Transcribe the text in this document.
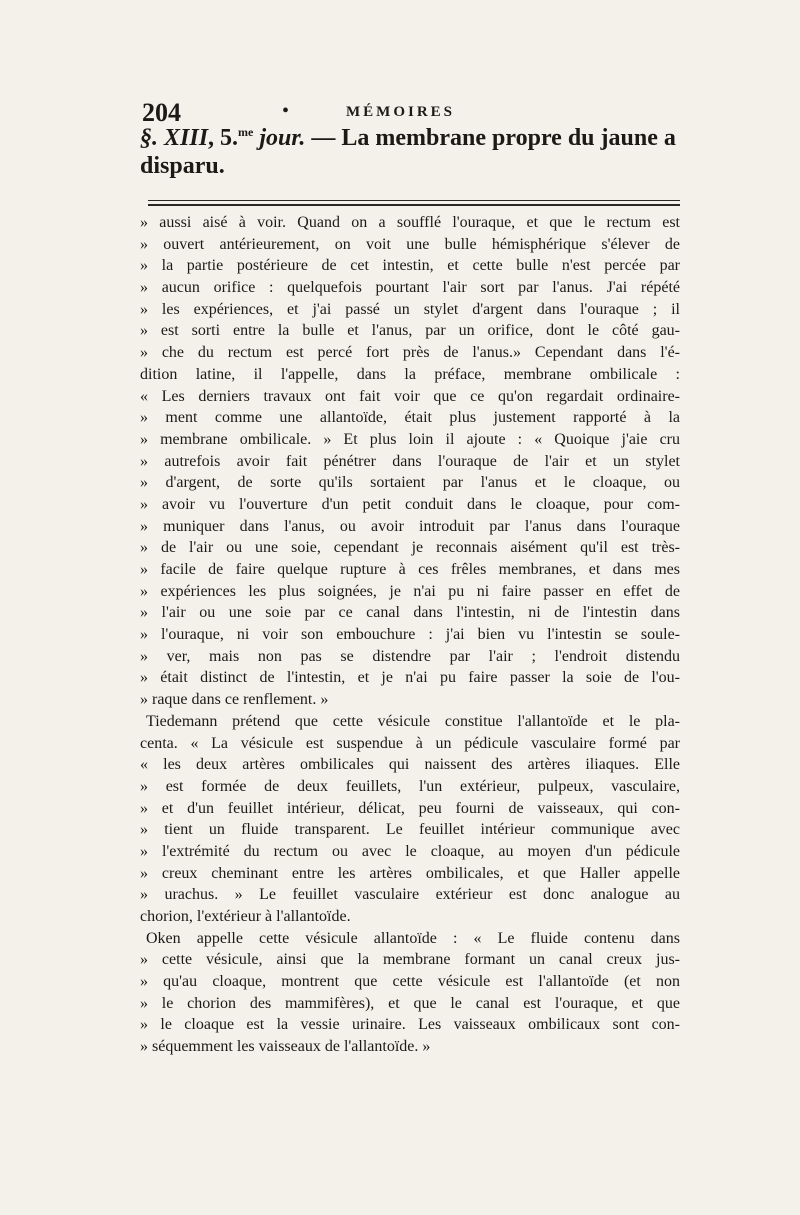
204	•	MÉMOIRES
§. XIII, 5.$^{me}$ jour. — La membrane propre du jaune a disparu.
» aussi aisé à voir. Quand on a soufflé l'ouraque, et que le rectum est
» ouvert antérieurement, on voit une bulle hémisphérique s'élever de
» la partie postérieure de cet intestin, et cette bulle n'est percée par
» aucun orifice : quelquefois pourtant l'air sort par l'anus. J'ai répété
» les expériences, et j'ai passé un stylet d'argent dans l'ouraque ; il
» est sorti entre la bulle et l'anus, par un orifice, dont le côté gau-
» che du rectum est percé fort près de l'anus.» Cependant dans l'é-
dition latine, il l'appelle, dans la préface, membrane ombilicale :
« Les derniers travaux ont fait voir que ce qu'on regardait ordinaire-
» ment comme une allantoïde, était plus justement rapporté à la
» membrane ombilicale. » Et plus loin il ajoute : « Quoique j'aie cru
» autrefois avoir fait pénétrer dans l'ouraque de l'air et un stylet
» d'argent, de sorte qu'ils sortaient par l'anus et le cloaque, ou
» avoir vu l'ouverture d'un petit conduit dans le cloaque, pour com-
» muniquer dans l'anus, ou avoir introduit par l'anus dans l'ouraque
» de l'air ou une soie, cependant je reconnais aisément qu'il est très-
» facile de faire quelque rupture à ces frêles membranes, et dans mes
» expériences les plus soignées, je n'ai pu ni faire passer en effet de
» l'air ou une soie par ce canal dans l'intestin, ni de l'intestin dans
» l'ouraque, ni voir son embouchure : j'ai bien vu l'intestin se soule-
» ver, mais non pas se distendre par l'air ; l'endroit distendu
» était distinct de l'intestin, et je n'ai pu faire passer la soie de l'ou-
» raque dans ce renflement. »
Tiedemann prétend que cette vésicule constitue l'allantoïde et le pla-
centa. « La vésicule est suspendue à un pédicule vasculaire formé par
« les deux artères ombilicales qui naissent des artères iliaques. Elle
» est formée de deux feuillets, l'un extérieur, pulpeux, vasculaire,
» et d'un feuillet intérieur, délicat, peu fourni de vaisseaux, qui con-
» tient un fluide transparent. Le feuillet intérieur communique avec
» l'extrémité du rectum ou avec le cloaque, au moyen d'un pédicule
» creux cheminant entre les artères ombilicales, et que Haller appelle
» urachus. » Le feuillet vasculaire extérieur est donc analogue au
chorion, l'extérieur à l'allantoïde.
Oken appelle cette vésicule allantoïde : « Le fluide contenu dans
» cette vésicule, ainsi que la membrane formant un canal creux jus-
» qu'au cloaque, montrent que cette vésicule est l'allantoïde (et non
» le chorion des mammifères), et que le canal est l'ouraque, et que
» le cloaque est la vessie urinaire. Les vaisseaux ombilicaux sont con-
» séquemment les vaisseaux de l'allantoïde. »
